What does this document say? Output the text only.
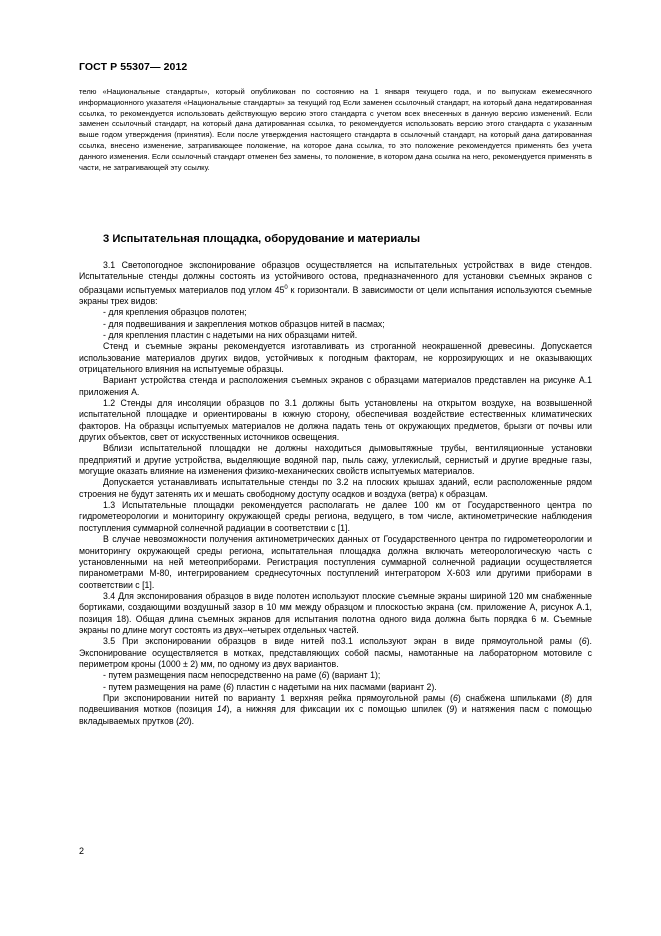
ГОСТ Р 55307— 2012

телю «Национальные стандарты», который опубликован по состоянию на 1 января текущего года, и по выпускам ежемесячного информационного указателя «Национальные стандарты» за текущий год Если заменен ссылочный стандарт, на который дана недатированная ссылка, то рекомендуется использовать действующую версию этого стандарта с учетом всех внесенных в данную версию изменений. Если заменен ссылочный стандарт, на который дана датированная ссылка, то рекомендуется использовать версию этого стандарта с указанным выше годом утверждения (принятия). Если после утверждения настоящего стандарта в ссылочный стандарт, на который дана датированная ссылка, внесено изменение, затрагивающее положение, на которое дана ссылка, то это положение рекомендуется применять без учета данного изменения. Если ссылочный стандарт отменен без замены, то положение, в котором дана ссылка на него, рекомендуется применять в части, не затрагивающей эту ссылку.

3 Испытательная площадка, оборудование и материалы

3.1 Светопогодное экспонирование образцов осуществляется на испытательных устройствах в виде стендов. Испытательные стенды должны состоять из устойчивого остова, предназначенного для установки съемных экранов с образцами испытуемых материалов под углом $45^0$ к горизонтали. В зависимости от цели испытания используются съемные экраны трех видов:

- для крепления образцов полотен;

- для подвешивания и закрепления мотков образцов нитей в пасмах;

- для крепления пластин с надетыми на них образцами нитей.

Стенд и съемные экраны рекомендуется изготавливать из строганной неокрашенной древесины. Допускается использование материалов других видов, устойчивых к погодным факторам, не коррозирующих и не оказывающих отрицательного влияния на испытуемые образцы.

Вариант устройства стенда и расположения съемных экранов с образцами материалов представлен на рисунке А.1 приложения А.

1.2 Стенды для инсоляции образцов по 3.1 должны быть установлены на открытом воздухе, на возвышенной испытательной площадке и ориентированы в южную сторону, обеспечивая воздействие естественных климатических факторов. На образцы испытуемых материалов не должна падать тень от окружающих предметов, брызги от почвы или других объектов, свет от искусственных источников освещения.

Вблизи испытательной площадки не должны находиться дымовытяжные трубы, вентиляционные установки предприятий и другие устройства, выделяющие водяной пар, пыль сажу, углекислый, сернистый и другие вредные газы, могущие оказать влияние на изменения физико-механических свойств испытуемых материалов.

Допускается устанавливать испытательные стенды по 3.2 на плоских крышах зданий, если расположенные рядом строения не будут затенять их и мешать свободному доступу осадков и воздуха (ветра) к образцам.

1.3 Испытательные площадки рекомендуется располагать не далее 100 км от Государственного центра по гидрометеорологии и мониторингу окружающей среды региона, ведущего, в том числе, актинометрические наблюдения поступления суммарной солнечной радиации в соответствии с [1].

В случае невозможности получения актинометрических данных от Государственного центра по гидрометеорологии и мониторингу окружающей среды региона, испытательная площадка должна включать метеорологическую часть с установленными на ней метеоприборами. Регистрация поступления суммарной солнечной радиации осуществляется пиранометрами М-80, интегрированием среднесуточных поступлений интегратором Х-603 или другими приборами в соответствии с [1].

3.4 Для экспонирования образцов в виде полотен используют плоские съемные экраны шириной 120 мм снабженные бортиками, создающими воздушный зазор в 10 мм между образцом и плоскостью экрана (см. приложение А, рисунок А.1, позиция 18). Общая длина съемных экранов для испытания полотна одного вида должна быть порядка 6 м. Съемные экраны по длине могут состоять из двух–четырех отдельных частей.

3.5 При экспонировании образцов в виде нитей по3.1 используют экран в виде прямоугольной рамы (6). Экспонирование осуществляется в мотках, представляющих собой пасмы, намотанные на лабораторном мотовиле с периметром кроны (1000 ± 2) мм, по одному из двух вариантов.

- путем размещения пасм непосредственно на раме (6) (вариант 1);

- путем размещения на раме (6) пластин с надетыми на них пасмами (вариант 2).

При экспонировании нитей по варианту 1 верхняя рейка прямоугольной рамы (6) снабжена шпильками (8) для подвешивания мотков (позиция 14), а нижняя для фиксации их с помощью шпилек (9) и натяжения пасм с помощью вкладываемых прутков (20).

2
